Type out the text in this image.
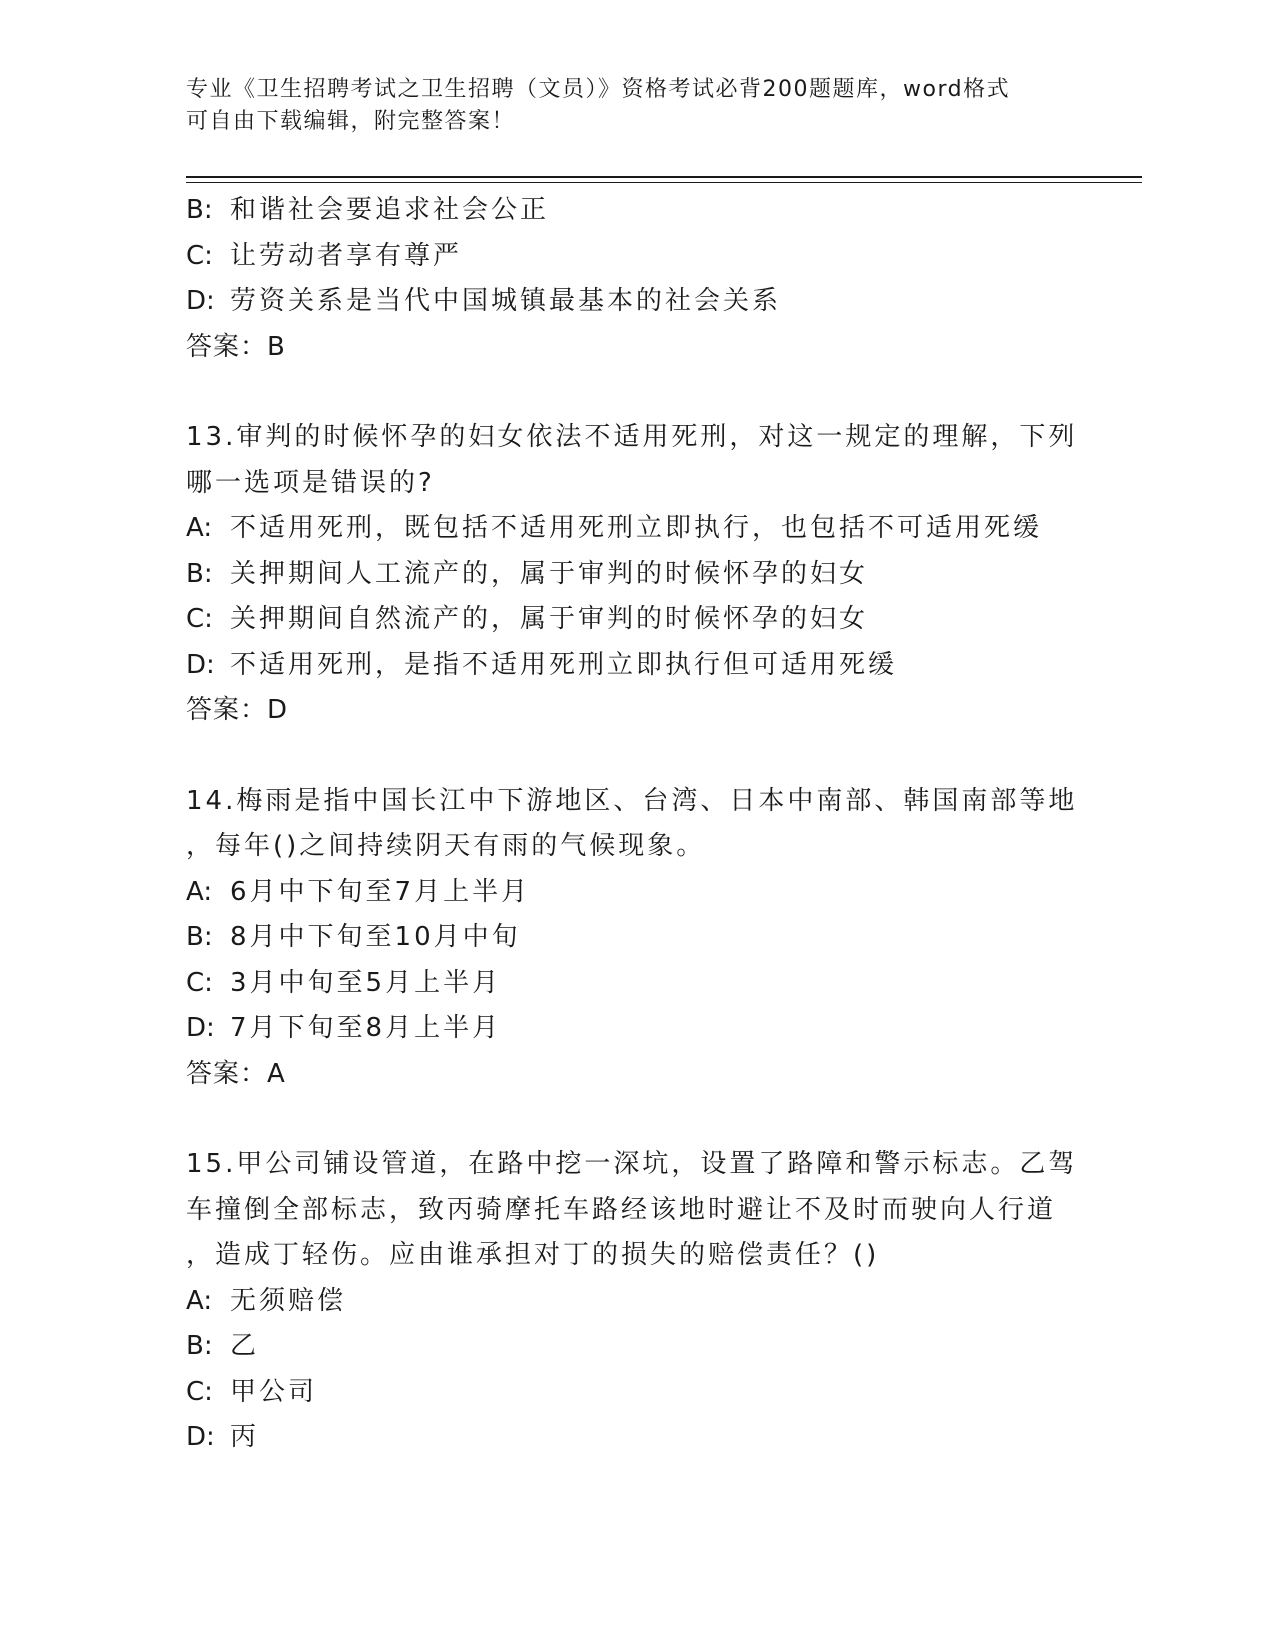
专业《卫生招聘考试之卫生招聘（文员）》资格考试必背200题题库，word格式
可自由下载编辑，附完整答案！
B: 和谐社会要追求社会公正
C: 让劳动者享有尊严
D: 劳资关系是当代中国城镇最基本的社会关系
答案：B
13.审判的时候怀孕的妇女依法不适用死刑，对这一规定的理解，下列
哪一选项是错误的?
A: 不适用死刑，既包括不适用死刑立即执行，也包括不可适用死缓
B: 关押期间人工流产的，属于审判的时候怀孕的妇女
C: 关押期间自然流产的，属于审判的时候怀孕的妇女
D: 不适用死刑，是指不适用死刑立即执行但可适用死缓
答案：D
14.梅雨是指中国长江中下游地区、台湾、日本中南部、韩国南部等地
，每年()之间持续阴天有雨的气候现象。
A: 6月中下旬至7月上半月
B: 8月中下旬至10月中旬
C: 3月中旬至5月上半月
D: 7月下旬至8月上半月
答案：A
15.甲公司铺设管道，在路中挖一深坑，设置了路障和警示标志。乙驾
车撞倒全部标志，致丙骑摩托车路经该地时避让不及时而驶向人行道
，造成丁轻伤。应由谁承担对丁的损失的赔偿责任？()
A: 无须赔偿
B: 乙
C: 甲公司
D: 丙
